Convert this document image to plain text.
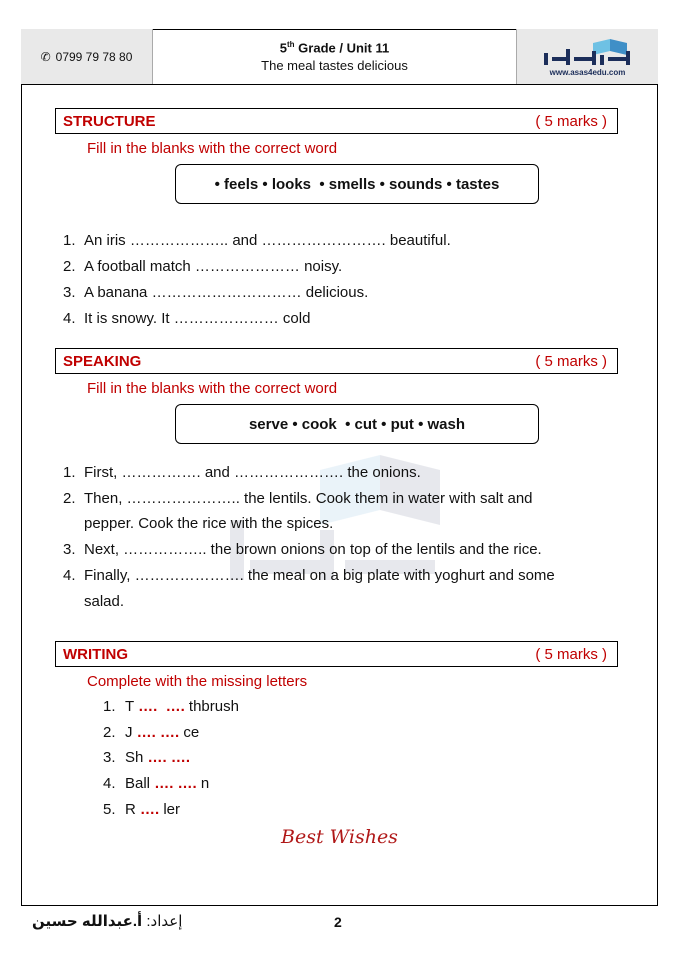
✆ 0799 79 78 80
5th Grade / Unit 11
The meal tastes delicious	www.asas4edu.com
STRUCTURE	( 5 marks )
Fill in the blanks with the correct word
• feels • looks  • smells • sounds • tastes
1. An iris ……………….. and ……………………. beautiful.
2. A football match ………………… noisy.
3. A banana ………………………… delicious.
4. It is snowy. It ………………… cold
SPEAKING	( 5 marks )
Fill in the blanks with the correct word
serve • cook  • cut • put • wash
1. First, ……………. and …………………. the onions.
2. Then, ………………….. the lentils. Cook them in water with salt and
pepper. Cook the rice with the spices.
3. Next, …………….. the brown onions on top of the lentils and the rice.
4. Finally, …………………. the meal on a big plate with yoghurt and some
salad.
WRITING	( 5 marks )
Complete with the missing letters
1. T ….  …. thbrush
2. J …. …. ce
3. Sh …. ….
4. Ball …. …. n
5. R …. ler
Best Wishes
إعداد: أ.عبدالله حسين	2
